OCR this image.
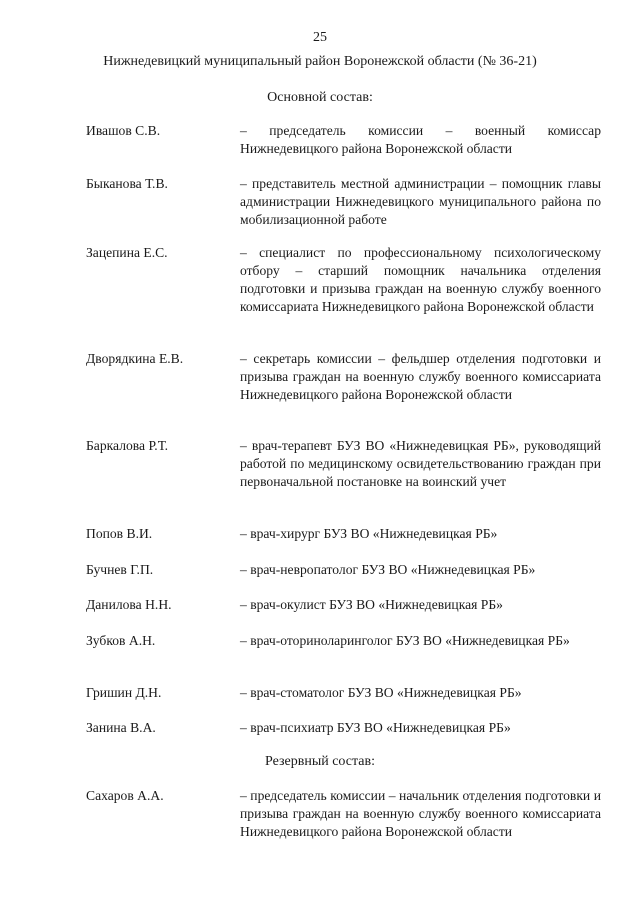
25
Нижнедевицкий муниципальный район Воронежской области (№ 36-21)
Основной состав:
Ивашов С.В.	– председатель комиссии – военный комиссар Нижнедевицкого района Воронежской области
Быканова Т.В.	– представитель местной администрации – помощник главы администрации Нижнедевицкого муниципального района по мобилизационной работе
Зацепина Е.С.	– специалист по профессиональному психологическому отбору – старший помощник начальника отделения подготовки и призыва граждан на военную службу военного комиссариата Нижнедевицкого района Воронежской области
Дворядкина Е.В.	– секретарь комиссии – фельдшер отделения подготовки и призыва граждан на военную службу военного комиссариата Нижнедевицкого района Воронежской области
Баркалова Р.Т.	– врач-терапевт БУЗ ВО «Нижнедевицкая РБ», руководящий работой по медицинскому освидетельствованию граждан при первоначальной постановке на воинский учет
Попов В.И.	– врач-хирург БУЗ ВО «Нижнедевицкая РБ»
Бучнев Г.П.	– врач-невропатолог БУЗ ВО «Нижнедевицкая РБ»
Данилова Н.Н.	– врач-окулист БУЗ ВО «Нижнедевицкая РБ»
Зубков А.Н.	– врач-оториноларинголог БУЗ ВО «Нижнедевицкая РБ»
Гришин Д.Н.	– врач-стоматолог БУЗ ВО «Нижнедевицкая РБ»
Занина В.А.	– врач-психиатр БУЗ ВО «Нижнедевицкая РБ»
Резервный состав:
Сахаров А.А.	– председатель комиссии – начальник отделения подготовки и призыва граждан на военную службу военного комиссариата Нижнедевицкого района Воронежской области
